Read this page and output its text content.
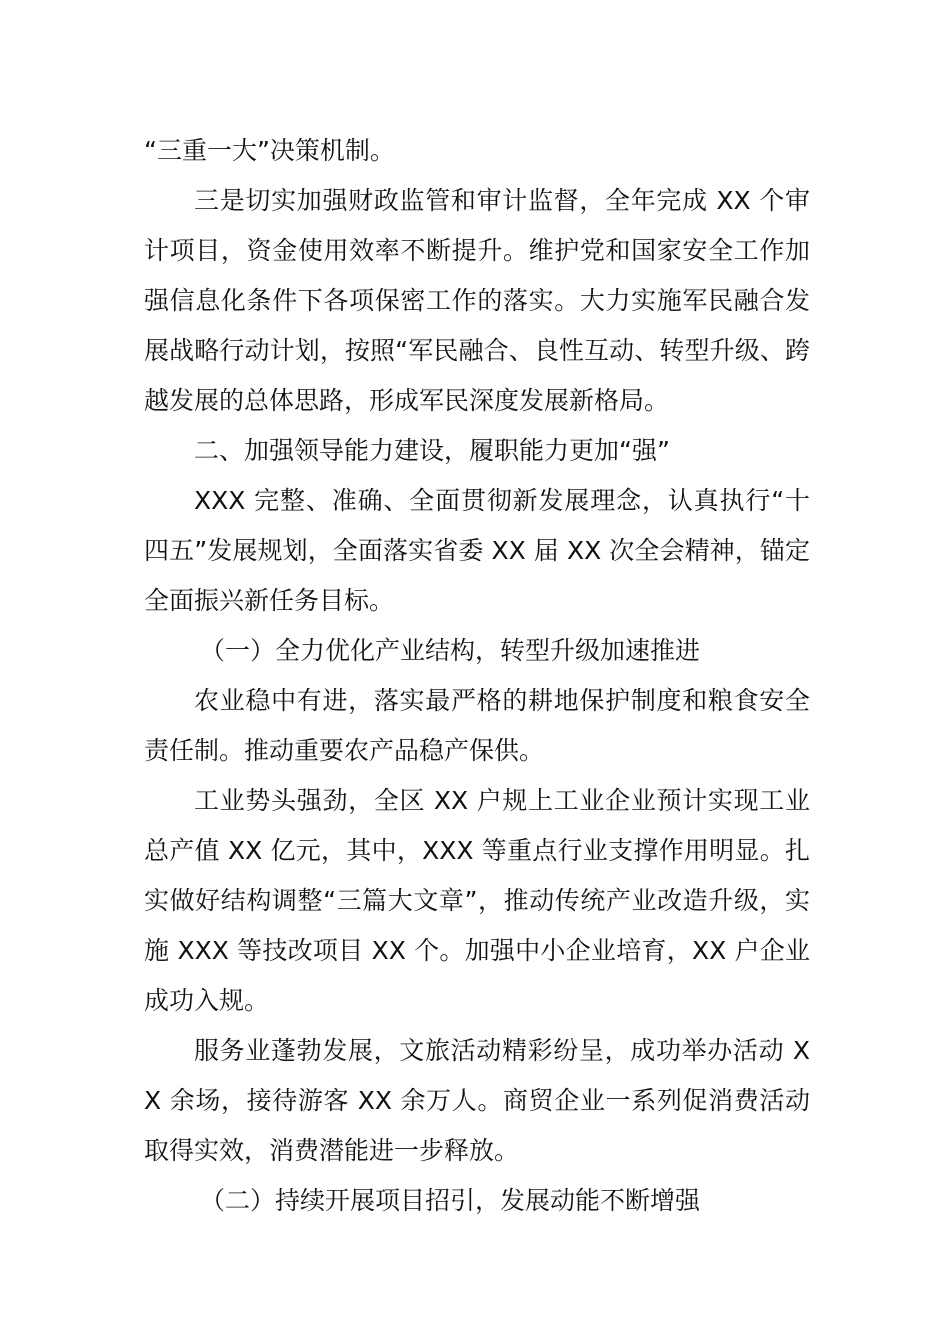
“三重一大”决策机制。

三是切实加强财政监管和审计监督，全年完成 XX 个审计项目，资金使用效率不断提升。维护党和国家安全工作加强信息化条件下各项保密工作的落实。大力实施军民融合发展战略行动计划，按照“军民融合、良性互动、转型升级、跨越发展的总体思路，形成军民深度发展新格局。

二、加强领导能力建设，履职能力更加“强”

XXX 完整、准确、全面贯彻新发展理念，认真执行“十四五”发展规划，全面落实省委 XX 届 XX 次全会精神，锚定全面振兴新任务目标。

（一）全力优化产业结构，转型升级加速推进

农业稳中有进，落实最严格的耕地保护制度和粮食安全责任制。推动重要农产品稳产保供。

工业势头强劲，全区 XX 户规上工业企业预计实现工业总产值 XX 亿元，其中，XXX 等重点行业支撑作用明显。扎实做好结构调整“三篇大文章”，推动传统产业改造升级，实施 XXX 等技改项目 XX 个。加强中小企业培育，XX 户企业成功入规。

服务业蓬勃发展，文旅活动精彩纷呈，成功举办活动 XX 余场，接待游客 XX 余万人。商贸企业一系列促消费活动取得实效，消费潜能进一步释放。

（二）持续开展项目招引，发展动能不断增强
